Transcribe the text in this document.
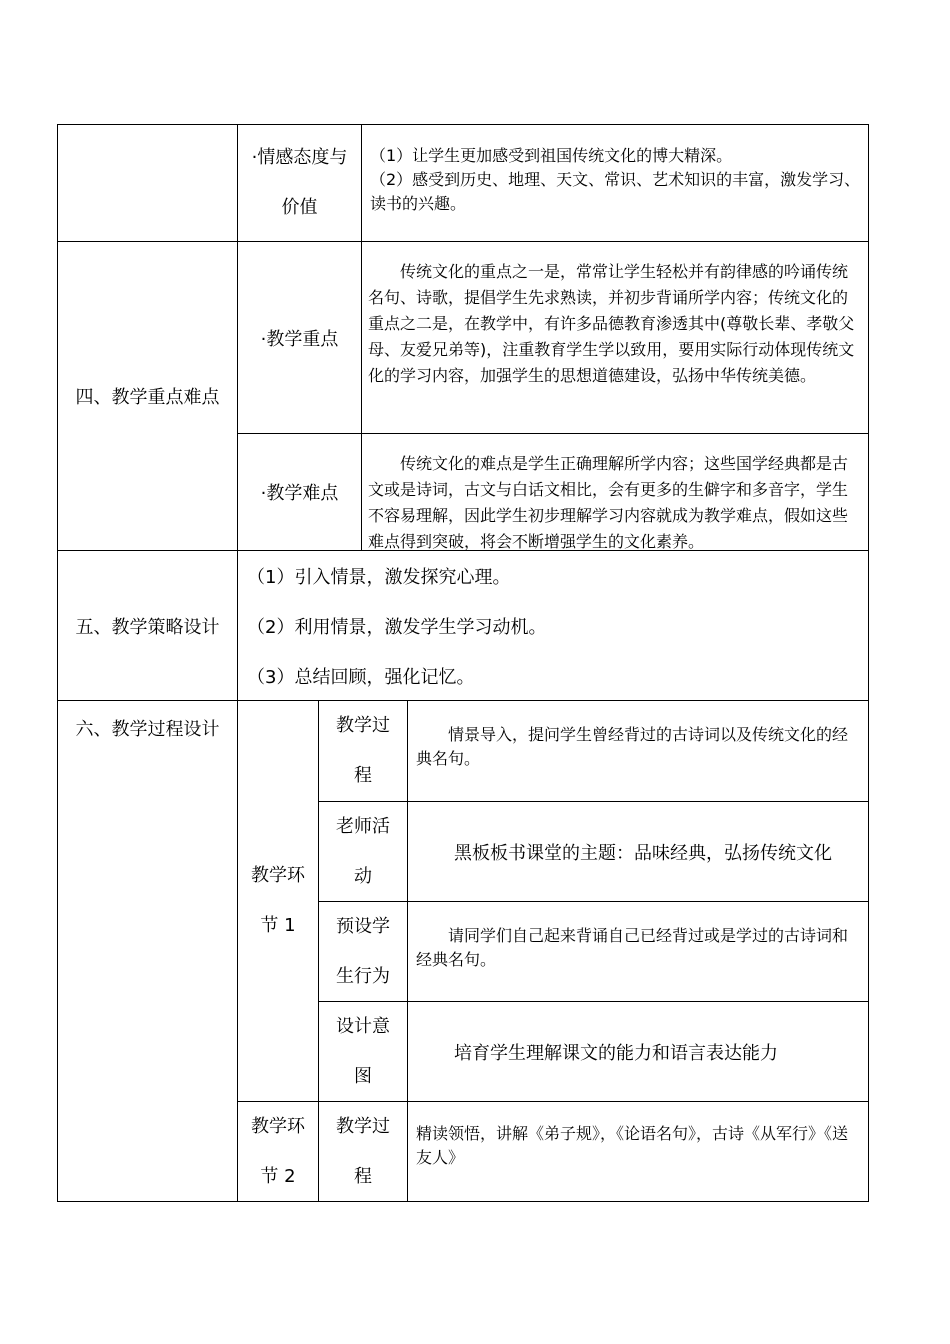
·情感态度与
价值

（1）让学生更加感受到祖国传统文化的博大精深。

（2）感受到历史、地理、天文、常识、艺术知识的丰富，激发学习、读书的兴趣。

四、教学重点难点
·教学重点

传统文化的重点之一是，常常让学生轻松并有韵律感的吟诵传统名句、诗歌，提倡学生先求熟读，并初步背诵所学内容；传统文化的重点之二是，在教学中，有许多品德教育渗透其中(尊敬长辈、孝敬父母、友爱兄弟等)，注重教育学生学以致用，要用实际行动体现传统文化的学习内容，加强学生的思想道德建设，弘扬中华传统美德。

·教学难点

传统文化的难点是学生正确理解所学内容；这些国学经典都是古文或是诗词，古文与白话文相比，会有更多的生僻字和多音字，学生不容易理解，因此学生初步理解学习内容就成为教学难点，假如这些难点得到突破，将会不断增强学生的文化素养。

五、教学策略设计

（1）引入情景，激发探究心理。

（2）利用情景，激发学生学习动机。

（3）总结回顾，强化记忆。

六、教学过程设计
教学环
节 1
教学过
程

情景导入，提问学生曾经背过的古诗词以及传统文化的经典名句。

老师活
动

黑板板书课堂的主题：品味经典，弘扬传统文化

预设学
生行为

请同学们自己起来背诵自己已经背过或是学过的古诗词和经典名句。

设计意
图

培育学生理解课文的能力和语言表达能力

教学环
节 2
教学过
程

精读领悟，讲解《弟子规》，《论语名句》，古诗《从军行》《送友人》
